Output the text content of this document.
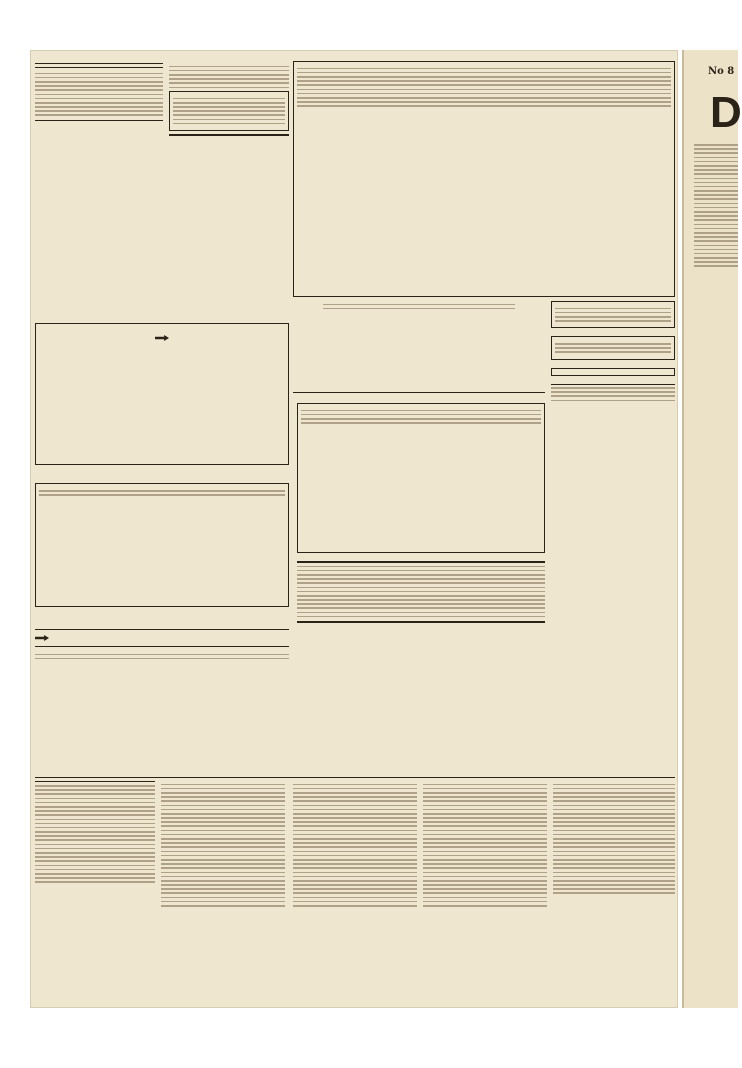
No 8
D
